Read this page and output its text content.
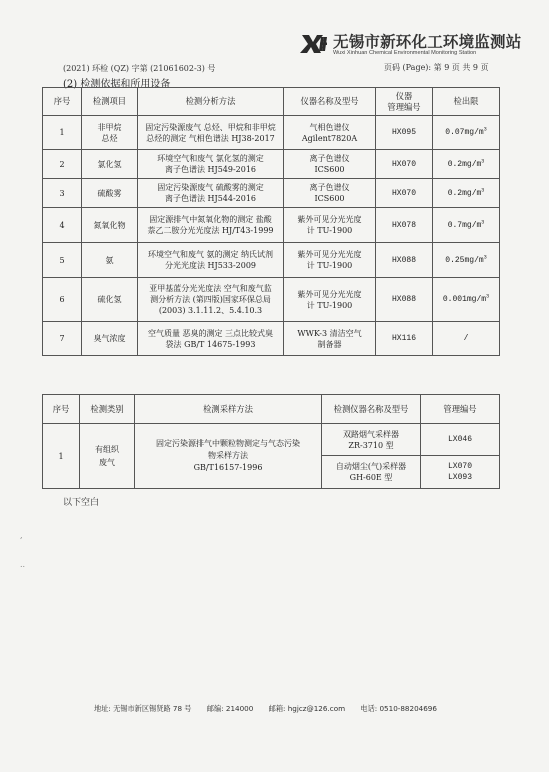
无锡市新环化工环境监测站
Wuxi Xinhuan Chemical Environmental Monitoring Station
(2021) 环检 (QZ) 字第 (21061602-3) 号	页码 (Page): 第 9 页 共 9 页
(2) 检测依据和所用设备
序号	检测项目	检测分析方法	仪器名称及型号	仪器
管理编号	检出限
1	非甲烷
总烃	固定污染源废气 总烃、甲烷和非甲烷
总烃的测定 气相色谱法 HJ38-2017	气相色谱仪
Agilent7820A	HX095	$0.07mg/m^3$
2	氯化氢	环境空气和废气 氯化氢的测定
离子色谱法 HJ549-2016	离子色谱仪
ICS600	HX070	$0.2mg/m^3$
3	硫酸雾	固定污染源废气 硫酸雾的测定
离子色谱法 HJ544-2016	离子色谱仪
ICS600	HX070	$0.2mg/m^3$
4	氮氧化物	固定源排气中氮氧化物的测定 盐酸
萘乙二胺分光光度法 HJ/T43-1999	紫外可见分光光度
计 TU-1900	HX078	$0.7mg/m^3$
5	氨	环境空气和废气 氨的测定 纳氏试剂
分光光度法 HJ533-2009	紫外可见分光光度
计 TU-1900	HX088	$0.25mg/m^3$
6	硫化氢	亚甲基蓝分光光度法 空气和废气监
测分析方法 (第四版)国家环保总局
(2003) 3.1.11.2、5.4.10.3	紫外可见分光光度
计 TU-1900	HX088	$0.001mg/m^3$
7	臭气浓度	空气质量 恶臭的测定 三点比较式臭
袋法 GB/T 14675-1993	WWK-3 清洁空气
制备器	HX116	/
序号	检测类别	检测采样方法	检测仪器名称及型号	管理编号
1	有组织
废气	固定污染源排气中颗粒物测定与气态污染
物采样方法
GB/T16157-1996	双路烟气采样器
ZR-3710 型	LX046
			自动烟尘(气)采样器
GH-60E 型	LX070
LX093
以下空白
,
..
地址: 无锡市新区锡贤路 78 号 邮编: 214000 邮箱: hgjcz@126.com 电话: 0510-88204696
